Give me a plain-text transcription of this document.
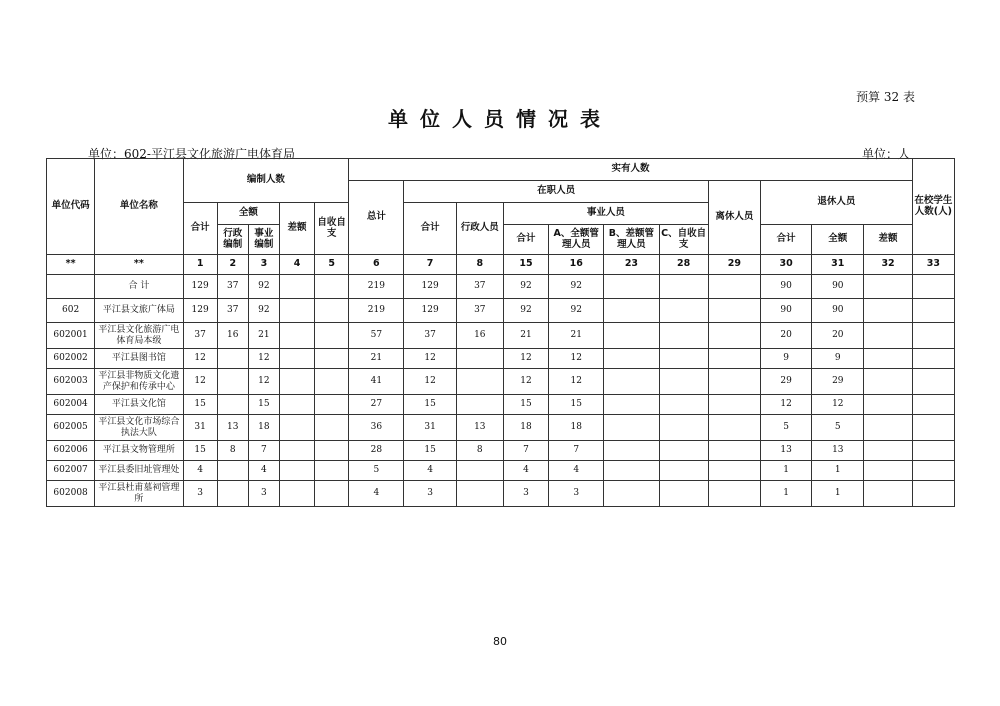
预算 32 表
单位人员情况表
单位：602-平江县文化旅游广电体育局	单位：人
单位代码	单位名称	编制人数					实有人数											在校学生人数(人)
							总计	在职人员						离休人员	退休人员			
		合计	全额		差额	自收自支		合计	行政人员	事业人员								
			行政编制	事业编制						合计	A、全额管理人员	B、差额管理人员	C、自收自支		合计	全额	差额	
**	**	1	2	3	4	5	6	7	8	15	16	23	28	29	30	31	32	33
	合 计	129	37	92			219	129	37	92	92				90	90		
602	平江县文旅广体局	129	37	92			219	129	37	92	92				90	90		
602001	平江县文化旅游广电体育局本级	37	16	21			57	37	16	21	21				20	20		
602002	平江县图书馆	12		12			21	12		12	12				9	9		
602003	平江县非物质文化遗产保护和传承中心	12		12			41	12		12	12				29	29		
602004	平江县文化馆	15		15			27	15		15	15				12	12		
602005	平江县文化市场综合执法大队	31	13	18			36	31	13	18	18				5	5		
602006	平江县文物管理所	15	8	7			28	15	8	7	7				13	13		
602007	平江县委旧址管理处	4		4			5	4		4	4				1	1		
602008	平江县杜甫墓祠管理所	3		3			4	3		3	3				1	1		
80
